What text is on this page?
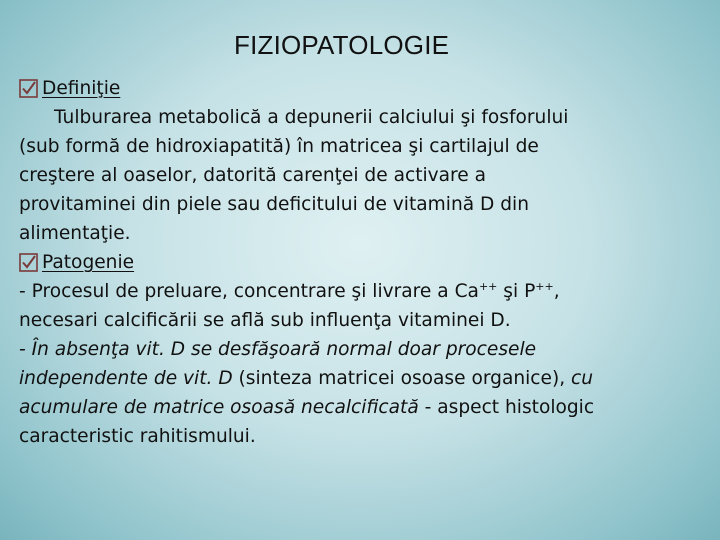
FIZIOPATOLOGIE
Definiţie
Tulburarea metabolică a depunerii calciului şi fosforului
(sub formă de hidroxiapatită) în matricea şi cartilajul de
creştere al oaselor, datorită carenţei de activare a
provitaminei din piele sau deficitului de vitamină D din
alimentaţie.
Patogenie
- Procesul de preluare, concentrare şi livrare a Ca++ şi P++,
necesari calcificării se află sub influenţa vitaminei D.
- În absenţa vit. D se desfăşoară normal doar procesele
independente de vit. D (sinteza matricei osoase organice), cu
acumulare de matrice osoasă necalcificată - aspect histologic
caracteristic rahitismului.
